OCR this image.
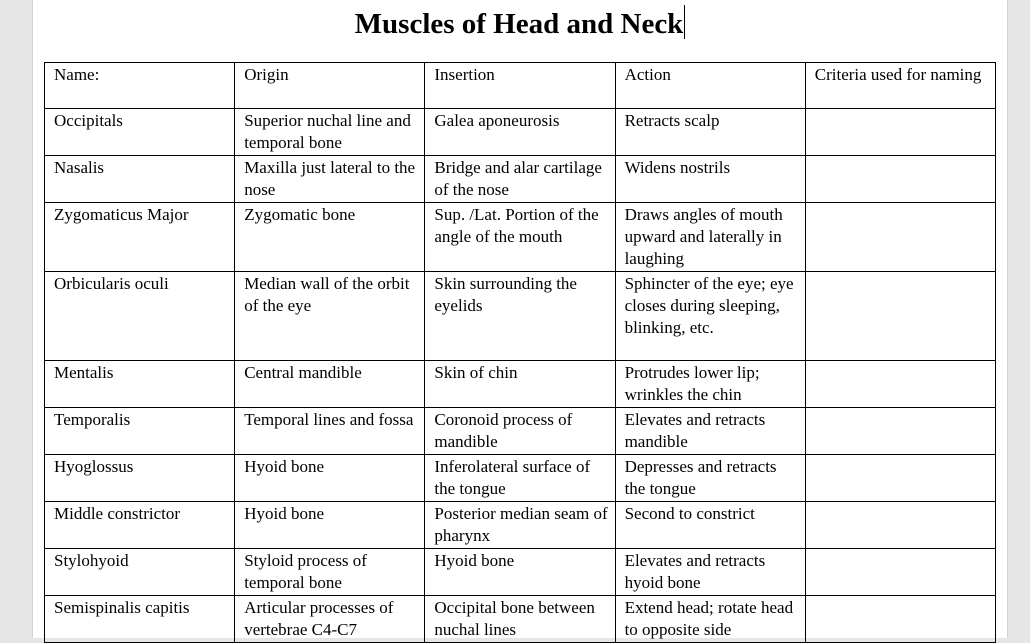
Muscles of Head and Neck
Name:	Origin	Insertion	Action	Criteria used for naming
Occipitals	Superior nuchal line and temporal bone	Galea aponeurosis	Retracts scalp	
Nasalis	Maxilla just lateral to the nose	Bridge and alar cartilage of the nose	Widens nostrils	
Zygomaticus Major	Zygomatic bone	Sup. /Lat. Portion of the angle of the mouth	Draws angles of mouth upward and laterally in laughing	
Orbicularis oculi	Median wall of the orbit of the eye	Skin surrounding the eyelids	Sphincter of the eye; eye closes during sleeping, blinking, etc.	
Mentalis	Central mandible	Skin of chin	Protrudes lower lip; wrinkles the chin	
Temporalis	Temporal lines and fossa	Coronoid process of mandible	Elevates and retracts mandible	
Hyoglossus	Hyoid bone	Inferolateral surface of the tongue	Depresses and retracts the tongue	
Middle constrictor	Hyoid bone	Posterior median seam of pharynx	Second to constrict	
Stylohyoid	Styloid process of temporal bone	Hyoid bone	Elevates and retracts hyoid bone	
Semispinalis capitis	Articular processes of vertebrae C4-C7	Occipital bone between nuchal lines	Extend head; rotate head to opposite side	
